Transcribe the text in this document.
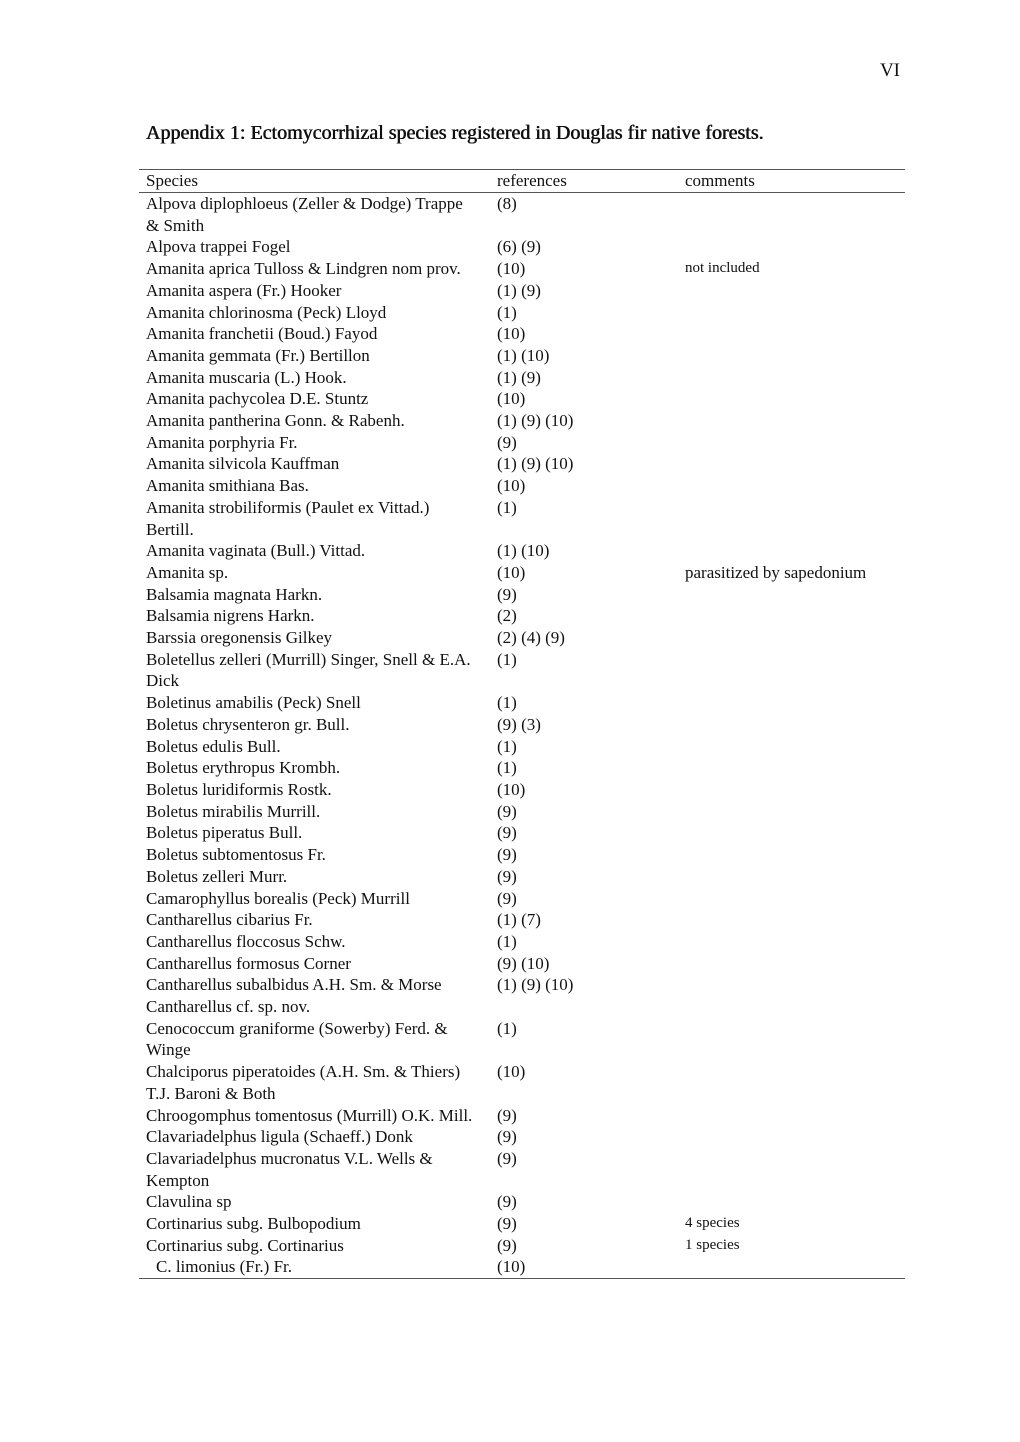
VI
Appendix 1: Ectomycorrhizal species registered in Douglas fir native forests.
Species	references	comments
Alpova diplophloeus (Zeller & Dodge) Trappe & Smith	(8)	
Alpova trappei Fogel	(6) (9)	
Amanita aprica Tulloss & Lindgren nom prov.	(10)	not included
Amanita aspera (Fr.) Hooker	(1) (9)	
Amanita chlorinosma (Peck) Lloyd	(1)	
Amanita franchetii (Boud.) Fayod	(10)	
Amanita gemmata (Fr.) Bertillon	(1) (10)	
Amanita muscaria (L.) Hook.	(1) (9)	
Amanita pachycolea D.E. Stuntz	(10)	
Amanita pantherina Gonn. & Rabenh.	(1) (9) (10)	
Amanita porphyria Fr.	(9)	
Amanita silvicola Kauffman	(1) (9) (10)	
Amanita smithiana Bas.	(10)	
Amanita strobiliformis (Paulet ex Vittad.) Bertill.	(1)	
Amanita vaginata (Bull.) Vittad.	(1) (10)	
Amanita sp.	(10)	parasitized by sapedonium
Balsamia magnata Harkn.	(9)	
Balsamia nigrens Harkn.	(2)	
Barssia oregonensis Gilkey	(2) (4) (9)	
Boletellus zelleri (Murrill) Singer, Snell & E.A. Dick	(1)	
Boletinus amabilis (Peck) Snell	(1)	
Boletus chrysenteron gr. Bull.	(9) (3)	
Boletus edulis Bull.	(1)	
Boletus erythropus Krombh.	(1)	
Boletus luridiformis Rostk.	(10)	
Boletus mirabilis Murrill.	(9)	
Boletus piperatus Bull.	(9)	
Boletus subtomentosus Fr.	(9)	
Boletus zelleri Murr.	(9)	
Camarophyllus borealis (Peck) Murrill	(9)	
Cantharellus cibarius Fr.	(1) (7)	
Cantharellus floccosus Schw.	(1)	
Cantharellus formosus Corner	(9) (10)	
Cantharellus subalbidus A.H. Sm. & Morse	(1) (9) (10)	
Cantharellus cf. sp. nov.		
Cenococcum graniforme (Sowerby) Ferd. & Winge	(1)	
Chalciporus piperatoides (A.H. Sm. & Thiers) T.J. Baroni & Both	(10)	
Chroogomphus tomentosus (Murrill) O.K. Mill.	(9)	
Clavariadelphus ligula (Schaeff.) Donk	(9)	
Clavariadelphus mucronatus V.L. Wells & Kempton	(9)	
Clavulina sp	(9)	
Cortinarius subg. Bulbopodium	(9)	4 species
Cortinarius subg. Cortinarius	(9)	1 species
C. limonius (Fr.) Fr.	(10)	
